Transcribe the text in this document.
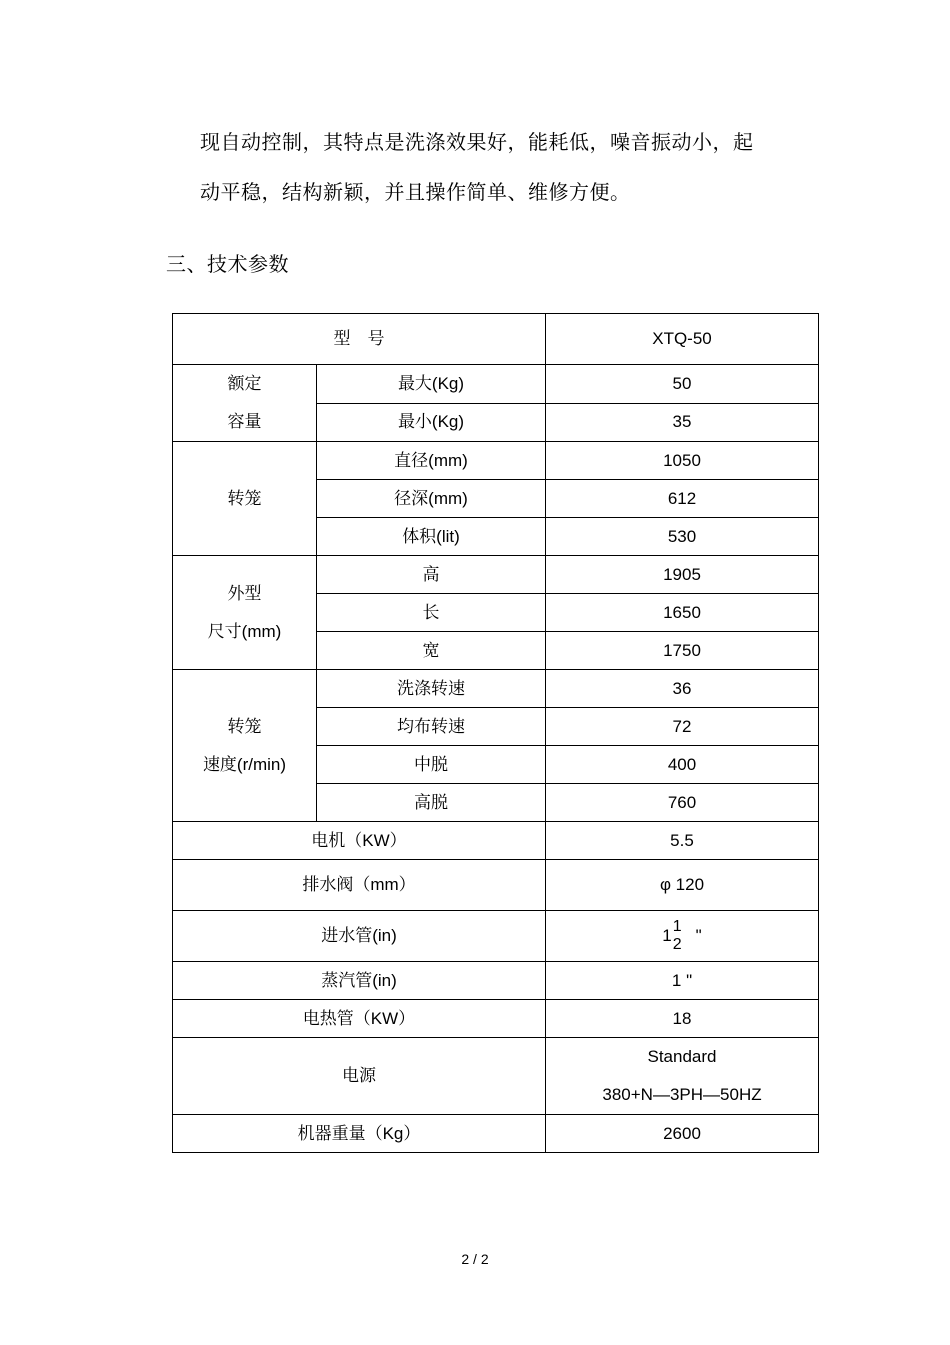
现自动控制，其特点是洗涤效果好，能耗低，噪音振动小，起
动平稳，结构新颖，并且操作简单、维修方便。
三、技术参数
型　号		XTQ-50

额定
容量	最大(Kg)	50
	最小(Kg)	35
转笼	直径(mm)	1050
	径深(mm)	612
	体积(lit)	530

外型
尺寸(mm)	高	1905
	长	1650
	宽	1750

转笼
速度(r/min)	洗涤转速	36
	均布转速	72
	中脱	400
	高脱	760
电机（KW）		5.5
排水阀（mm）		φ 120
进水管(in)		1 1
2 "

蒸汽管(in)		1 "
电热管（KW）		18
电源		Standard
380+N—3PH—50HZ

机器重量（Kg）		2600
2 / 2
